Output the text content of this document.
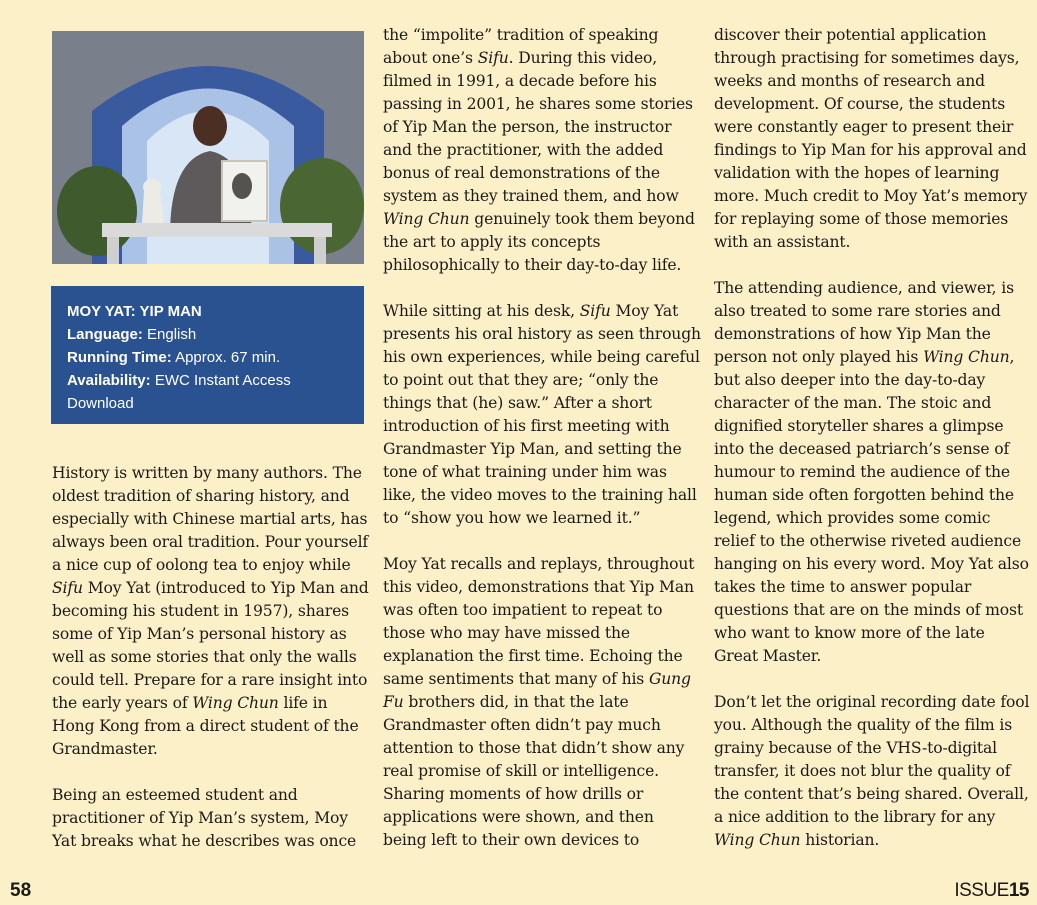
MOY YAT: YIP MAN
Language: English
Running Time: Approx. 67 min.
Availability: EWC Instant Access Download

History is written by many authors. The oldest tradition of sharing history, and especially with Chinese martial arts, has always been oral tradition. Pour yourself a nice cup of oolong tea to enjoy while Sifu Moy Yat (introduced to Yip Man and becoming his student in 1957), shares some of Yip Man’s personal history as well as some stories that only the walls could tell. Prepare for a rare insight into the early years of Wing Chun life in Hong Kong from a direct student of the Grandmaster.

Being an esteemed student and practitioner of Yip Man’s system, Moy Yat breaks what he describes was once

the “impolite” tradition of speaking about one’s Sifu. During this video, filmed in 1991, a decade before his passing in 2001, he shares some stories of Yip Man the person, the instructor and the practitioner, with the added bonus of real demonstrations of the system as they trained them, and how Wing Chun genuinely took them beyond the art to apply its concepts philosophically to their day-to-day life.

While sitting at his desk, Sifu Moy Yat presents his oral history as seen through his own experiences, while being careful to point out that they are; “only the things that (he) saw.” After a short introduction of his first meeting with Grandmaster Yip Man, and setting the tone of what training under him was like, the video moves to the training hall to “show you how we learned it.”

Moy Yat recalls and replays, throughout this video, demonstrations that Yip Man was often too impatient to repeat to those who may have missed the explanation the first time. Echoing the same sentiments that many of his Gung Fu brothers did, in that the late Grandmaster often didn’t pay much attention to those that didn’t show any real promise of skill or intelligence. Sharing moments of how drills or applications were shown, and then being left to their own devices to

discover their potential application through practising for sometimes days, weeks and months of research and development. Of course, the students were constantly eager to present their findings to Yip Man for his approval and validation with the hopes of learning more. Much credit to Moy Yat’s memory for replaying some of those memories with an assistant.

The attending audience, and viewer, is also treated to some rare stories and demonstrations of how Yip Man the person not only played his Wing Chun, but also deeper into the day-to-day character of the man. The stoic and dignified storyteller shares a glimpse into the deceased patriarch’s sense of humour to remind the audience of the human side often forgotten behind the legend, which provides some comic relief to the otherwise riveted audience hanging on his every word. Moy Yat also takes the time to answer popular questions that are on the minds of most who want to know more of the late Great Master.

Don’t let the original recording date fool you. Although the quality of the film is grainy because of the VHS-to-digital transfer, it does not blur the quality of the content that’s being shared. Overall, a nice addition to the library for any Wing Chun historian.

58	ISSUE15
